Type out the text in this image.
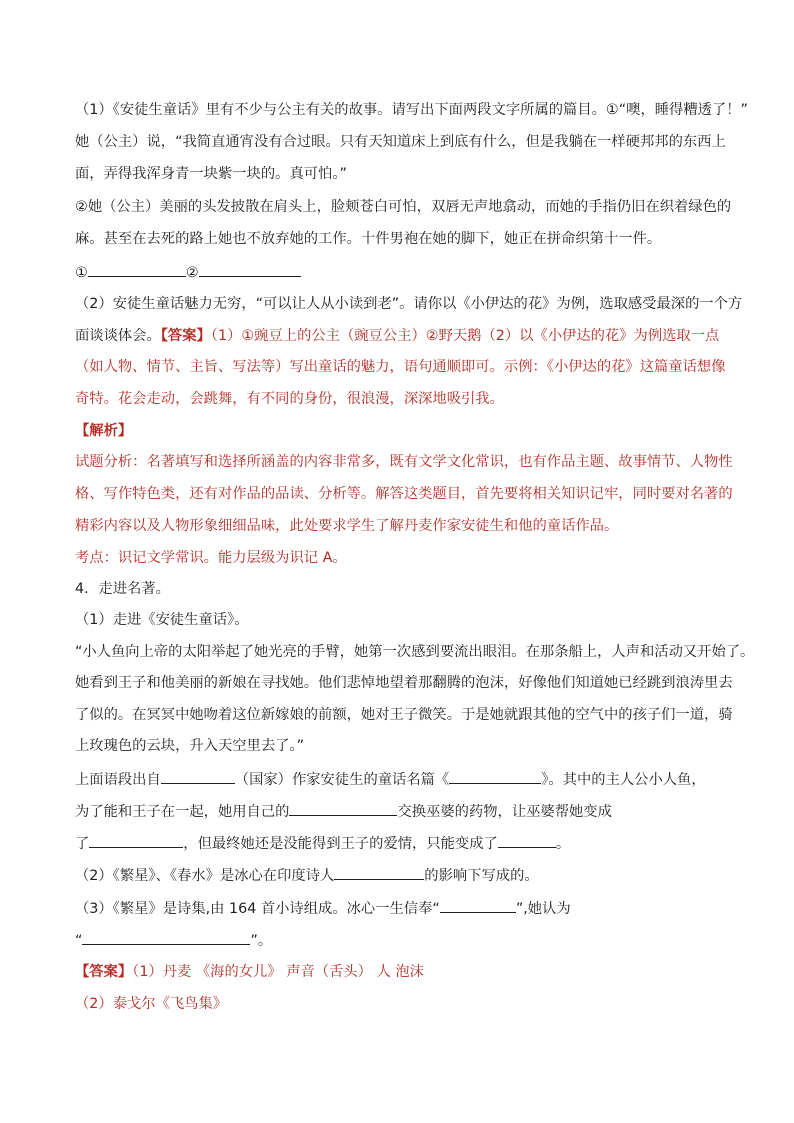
（1）《安徒生童话》里有不少与公主有关的故事。请写出下面两段文字所属的篇目。①“噢，睡得糟透了！”
她（公主）说，“我简直通宵没有合过眼。只有天知道床上到底有什么，但是我躺在一样硬邦邦的东西上
面，弄得我浑身青一块紫一块的。真可怕。”
②她（公主）美丽的头发披散在肩头上，脸颊苍白可怕，双唇无声地翕动，而她的手指仍旧在织着绿色的
麻。甚至在去死的路上她也不放弃她的工作。十件男袍在她的脚下，她正在拼命织第十一件。
①	②
（2）安徒生童话魅力无穷，“可以让人从小读到老”。请你以《小伊达的花》为例，选取感受最深的一个方
面谈谈体会。【答案】（1）①豌豆上的公主（豌豆公主）②野天鹅（2）以《小伊达的花》为例选取一点
（如人物、情节、主旨、写法等）写出童话的魅力，语句通顺即可。示例：《小伊达的花》这篇童话想像
奇特。花会走动，会跳舞，有不同的身份，很浪漫，深深地吸引我。
【解析】
试题分析：名著填写和选择所涵盖的内容非常多，既有文学文化常识，也有作品主题、故事情节、人物性
格、写作特色类，还有对作品的品读、分析等。解答这类题目，首先要将相关知识记牢，同时要对名著的
精彩内容以及人物形象细细品味，此处要求学生了解丹麦作家安徒生和他的童话作品。
考点：识记文学常识。能力层级为识记 A。
4．走进名著。
（1）走进《安徒生童话》。
“小人鱼向上帝的太阳举起了她光亮的手臂，她第一次感到要流出眼泪。在那条船上，人声和活动又开始了。
她看到王子和他美丽的新娘在寻找她。他们悲悼地望着那翻腾的泡沫，好像他们知道她已经跳到浪涛里去
了似的。在冥冥中她吻着这位新嫁娘的前额，她对王子微笑。于是她就跟其他的空气中的孩子们一道，骑
上玫瑰色的云块，升入天空里去了。”
上面语段出自	（国家）作家安徒生的童话名篇《	》。其中的主人公小人鱼，
为了能和王子在一起，她用自己的	交换巫婆的药物，让巫婆帮她变成
了	，但最终她还是没能得到王子的爱情，只能变成了	。
（2）《繁星》、《春水》是冰心在印度诗人	的影响下写成的。
（3）《繁星》是诗集,由 164 首小诗组成。冰心一生信奉“	”,她认为
“	”。
【答案】（1）丹麦 《海的女儿》 声音（舌头） 人 泡沫
（2）泰戈尔《飞鸟集》
